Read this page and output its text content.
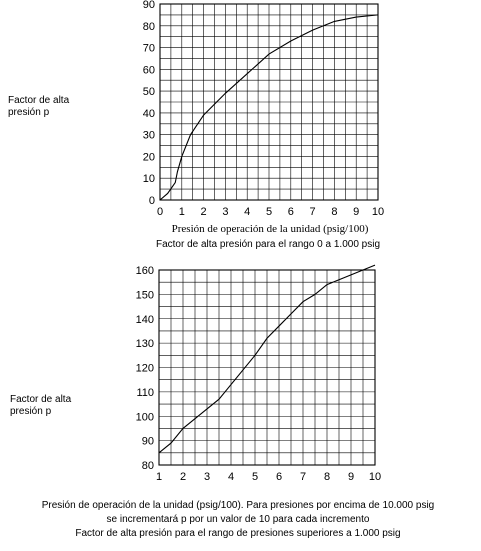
Factor de alta
presión p
0 1 2 3 4 5 6 7 8 9 10
0
10
20
30
40
50
60
70
80
90
Presión de operación de la unidad (psig/100)
Factor de alta presión para el rango 0 a 1.000 psig
Factor de alta
presión p
1 2 3 4 5 6 7 8 9 10
80
90
100
110
120
130
140
150
160
Presión de operación de la unidad (psig/100). Para presiones por encima de 10.000 psig
se incrementará p por un valor de 10 para cada incremento
Factor de alta presión para el rango de presiones superiores a 1.000 psig
